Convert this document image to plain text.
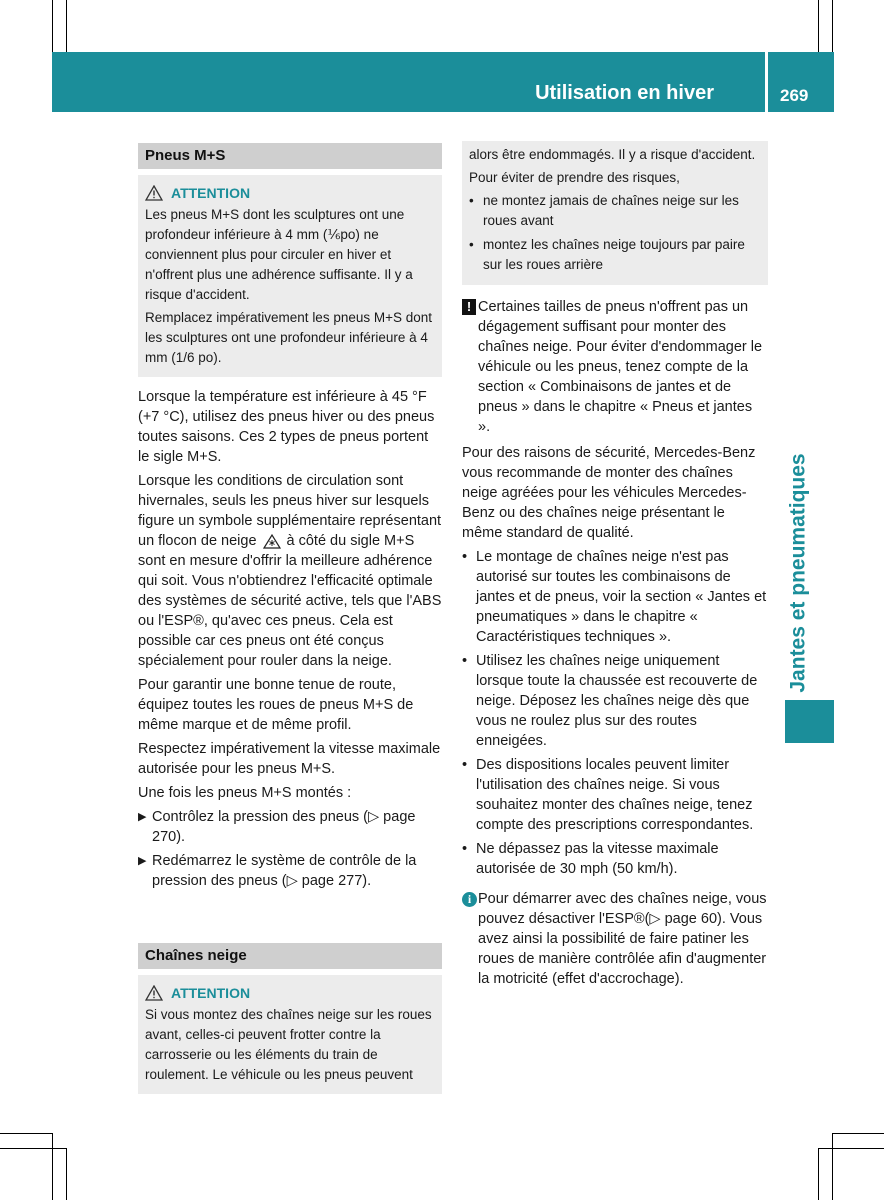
Utilisation en hiver	269
Jantes et pneumatiques
Pneus M+S
ATTENTION

Les pneus M+S dont les sculptures ont une profondeur inférieure à 4 mm (⅙po) ne conviennent plus pour circuler en hiver et n'offrent plus une adhérence suffisante. Il y a risque d'accident.

Remplacez impérativement les pneus M+S dont les sculptures ont une profondeur inférieure à 4 mm (1/6 po).

Lorsque la température est inférieure à 45 °F (+7 °C), utilisez des pneus hiver ou des pneus toutes saisons. Ces 2 types de pneus portent le sigle M+S.

Lorsque les conditions de circulation sont hivernales, seuls les pneus hiver sur lesquels figure un symbole supplémentaire représentant un flocon de neige à côté du sigle M+S sont en mesure d'offrir la meilleure adhérence qui soit. Vous n'obtiendrez l'efficacité optimale des systèmes de sécurité active, tels que l'ABS ou l'ESP®, qu'avec ces pneus. Cela est possible car ces pneus ont été conçus spécialement pour rouler dans la neige.

Pour garantir une bonne tenue de route, équipez toutes les roues de pneus M+S de même marque et de même profil.

Respectez impérativement la vitesse maximale autorisée pour les pneus M+S.

Une fois les pneus M+S montés :

▶ Contrôlez la pression des pneus (▷ page 270).
▶ Redémarrez le système de contrôle de la pression des pneus (▷ page 277).
Chaînes neige
ATTENTION

Si vous montez des chaînes neige sur les roues avant, celles-ci peuvent frotter contre la carrosserie ou les éléments du train de roulement. Le véhicule ou les pneus peuvent

alors être endommagés. Il y a risque d'accident.

Pour éviter de prendre des risques,

• ne montez jamais de chaînes neige sur les roues avant
• montez les chaînes neige toujours par paire sur les roues arrière
! Certaines tailles de pneus n'offrent pas un dégagement suffisant pour monter des chaînes neige. Pour éviter d'endommager le véhicule ou les pneus, tenez compte de la section « Combinaisons de jantes et de pneus » dans le chapitre « Pneus et jantes ».

Pour des raisons de sécurité, Mercedes-Benz vous recommande de monter des chaînes neige agréées pour les véhicules Mercedes-Benz ou des chaînes neige présentant le même standard de qualité.

• Le montage de chaînes neige n'est pas autorisé sur toutes les combinaisons de jantes et de pneus, voir la section « Jantes et pneumatiques » dans le chapitre « Caractéristiques techniques ».
• Utilisez les chaînes neige uniquement lorsque toute la chaussée est recouverte de neige. Déposez les chaînes neige dès que vous ne roulez plus sur des routes enneigées.
• Des dispositions locales peuvent limiter l'utilisation des chaînes neige. Si vous souhaitez monter des chaînes neige, tenez compte des prescriptions correspondantes.
• Ne dépassez pas la vitesse maximale autorisée de 30 mph (50 km/h).
i Pour démarrer avec des chaînes neige, vous pouvez désactiver l'ESP®(▷ page 60). Vous avez ainsi la possibilité de faire patiner les roues de manière contrôlée afin d'augmenter la motricité (effet d'accrochage).
